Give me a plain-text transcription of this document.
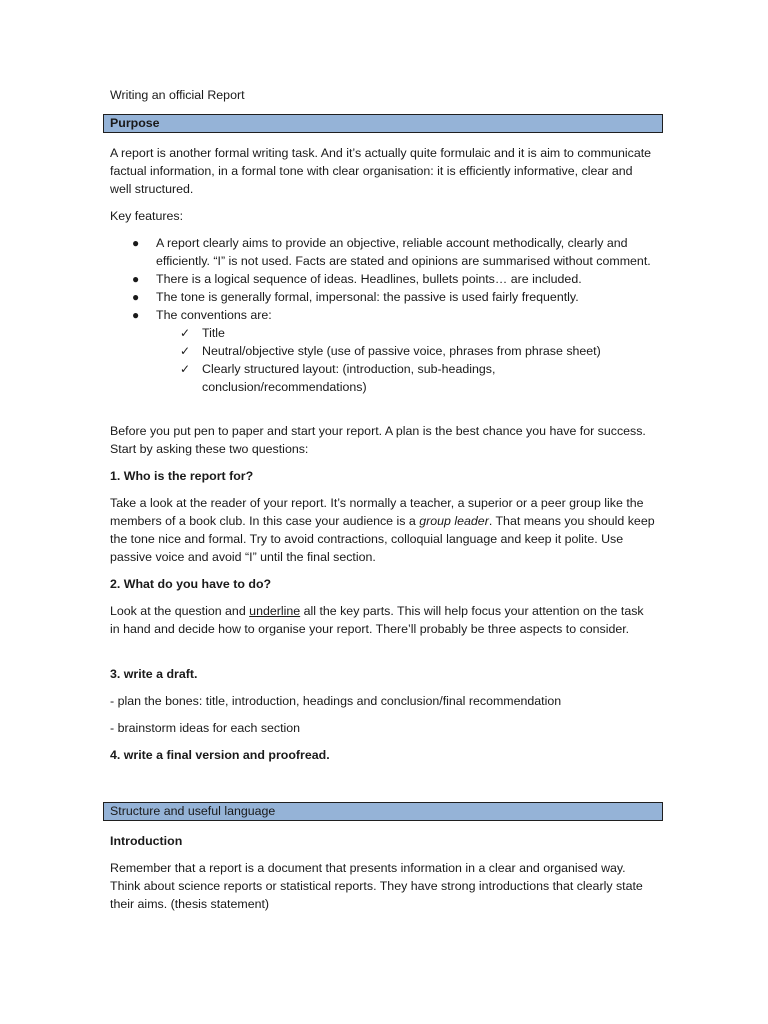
Writing an official Report
Purpose

A report is another formal writing task. And it’s actually quite formulaic and it is aim to communicate factual information, in a formal tone with clear organisation: it is efficiently informative, clear and well structured.

Key features:

● A report clearly aims to provide an objective, reliable account methodically, clearly and efficiently. “I” is not used. Facts are stated and opinions are summarised without comment.
● There is a logical sequence of ideas. Headlines, bullets points… are included.
● The tone is generally formal, impersonal: the passive is used fairly frequently.
● The conventions are:
✓ Title
✓ Neutral/objective style (use of passive voice, phrases from phrase sheet)
✓ Clearly structured layout: (introduction, sub-headings, conclusion/recommendations)

Before you put pen to paper and start your report. A plan is the best chance you have for success. Start by asking these two questions:

1. Who is the report for?

Take a look at the reader of your report. It’s normally a teacher, a superior or a peer group like the members of a book club. In this case your audience is a group leader. That means you should keep the tone nice and formal. Try to avoid contractions, colloquial language and keep it polite. Use passive voice and avoid “I” until the final section.

2. What do you have to do?

Look at the question and underline all the key parts. This will help focus your attention on the task in hand and decide how to organise your report. There’ll probably be three aspects to consider.

3. write a draft.

- plan the bones: title, introduction, headings and conclusion/final recommendation

- brainstorm ideas for each section

4. write a final version and proofread.

Structure and useful language

Introduction

Remember that a report is a document that presents information in a clear and organised way. Think about science reports or statistical reports. They have strong introductions that clearly state their aims. (thesis statement)
